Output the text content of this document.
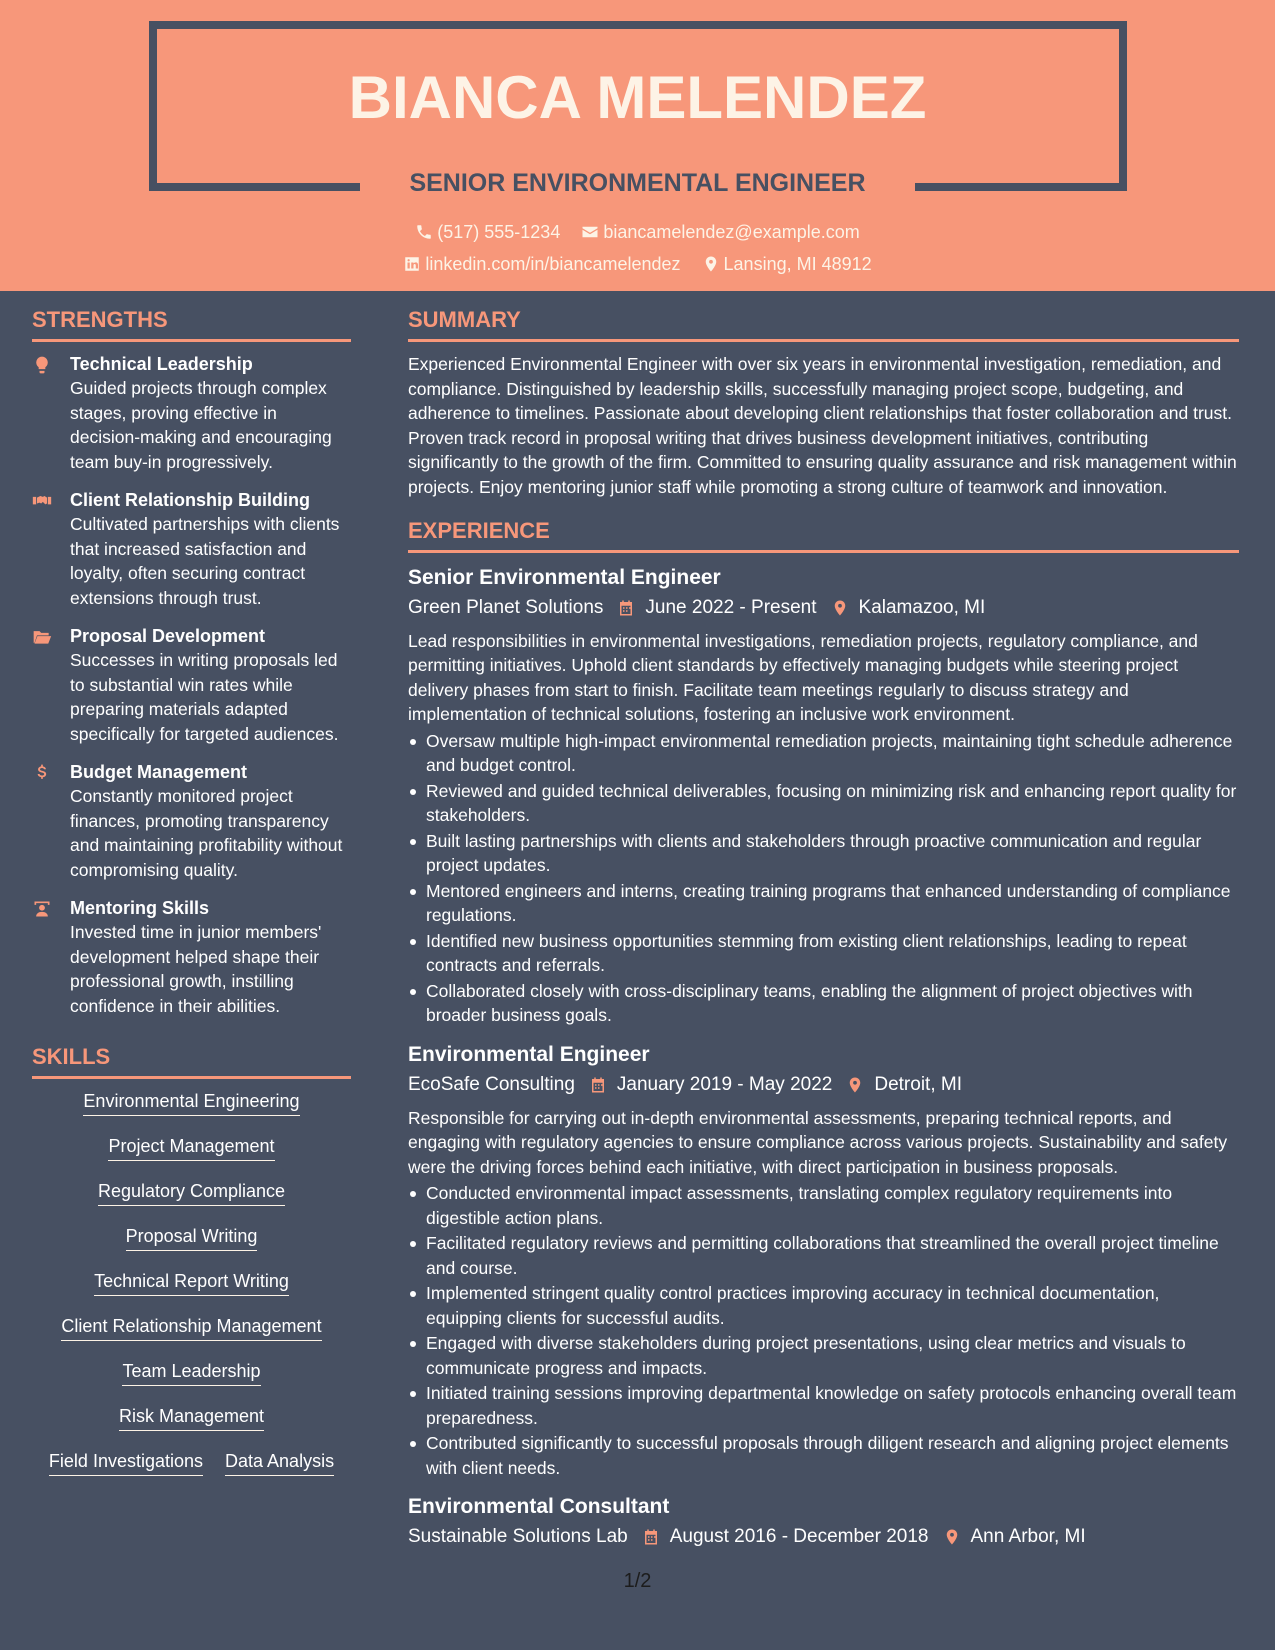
BIANCA MELENDEZ
SENIOR ENVIRONMENTAL ENGINEER
(517) 555-1234
biancamelendez@example.com
linkedin.com/in/biancamelendez
Lansing, MI 48912
STRENGTHS
Technical Leadership
Guided projects through complex stages, proving effective in decision-making and encouraging team buy-in progressively.
Client Relationship Building
Cultivated partnerships with clients that increased satisfaction and loyalty, often securing contract extensions through trust.
Proposal Development
Successes in writing proposals led to substantial win rates while preparing materials adapted specifically for targeted audiences.
Budget Management
Constantly monitored project finances, promoting transparency and maintaining profitability without compromising quality.
Mentoring Skills
Invested time in junior members' development helped shape their professional growth, instilling confidence in their abilities.
SKILLS
Environmental Engineering
Project Management
Regulatory Compliance
Proposal Writing
Technical Report Writing
Client Relationship Management
Team Leadership
Risk Management
Field Investigations Data Analysis
SUMMARY
Experienced Environmental Engineer with over six years in environmental investigation, remediation, and compliance. Distinguished by leadership skills, successfully managing project scope, budgeting, and adherence to timelines. Passionate about developing client relationships that foster collaboration and trust. Proven track record in proposal writing that drives business development initiatives, contributing significantly to the growth of the firm. Committed to ensuring quality assurance and risk management within projects. Enjoy mentoring junior staff while promoting a strong culture of teamwork and innovation.
EXPERIENCE
Senior Environmental Engineer
Green Planet Solutions June 2022 - Present Kalamazoo, MI
Lead responsibilities in environmental investigations, remediation projects, regulatory compliance, and permitting initiatives. Uphold client standards by effectively managing budgets while steering project delivery phases from start to finish. Facilitate team meetings regularly to discuss strategy and implementation of technical solutions, fostering an inclusive work environment.
Oversaw multiple high-impact environmental remediation projects, maintaining tight schedule adherence and budget control.
Reviewed and guided technical deliverables, focusing on minimizing risk and enhancing report quality for stakeholders.
Built lasting partnerships with clients and stakeholders through proactive communication and regular project updates.
Mentored engineers and interns, creating training programs that enhanced understanding of compliance regulations.
Identified new business opportunities stemming from existing client relationships, leading to repeat contracts and referrals.
Collaborated closely with cross-disciplinary teams, enabling the alignment of project objectives with broader business goals.
Environmental Engineer
EcoSafe Consulting January 2019 - May 2022 Detroit, MI
Responsible for carrying out in-depth environmental assessments, preparing technical reports, and engaging with regulatory agencies to ensure compliance across various projects. Sustainability and safety were the driving forces behind each initiative, with direct participation in business proposals.
Conducted environmental impact assessments, translating complex regulatory requirements into digestible action plans.
Facilitated regulatory reviews and permitting collaborations that streamlined the overall project timeline and course.
Implemented stringent quality control practices improving accuracy in technical documentation, equipping clients for successful audits.
Engaged with diverse stakeholders during project presentations, using clear metrics and visuals to communicate progress and impacts.
Initiated training sessions improving departmental knowledge on safety protocols enhancing overall team preparedness.
Contributed significantly to successful proposals through diligent research and aligning project elements with client needs.
Environmental Consultant
Sustainable Solutions Lab August 2016 - December 2018 Ann Arbor, MI
1/2
